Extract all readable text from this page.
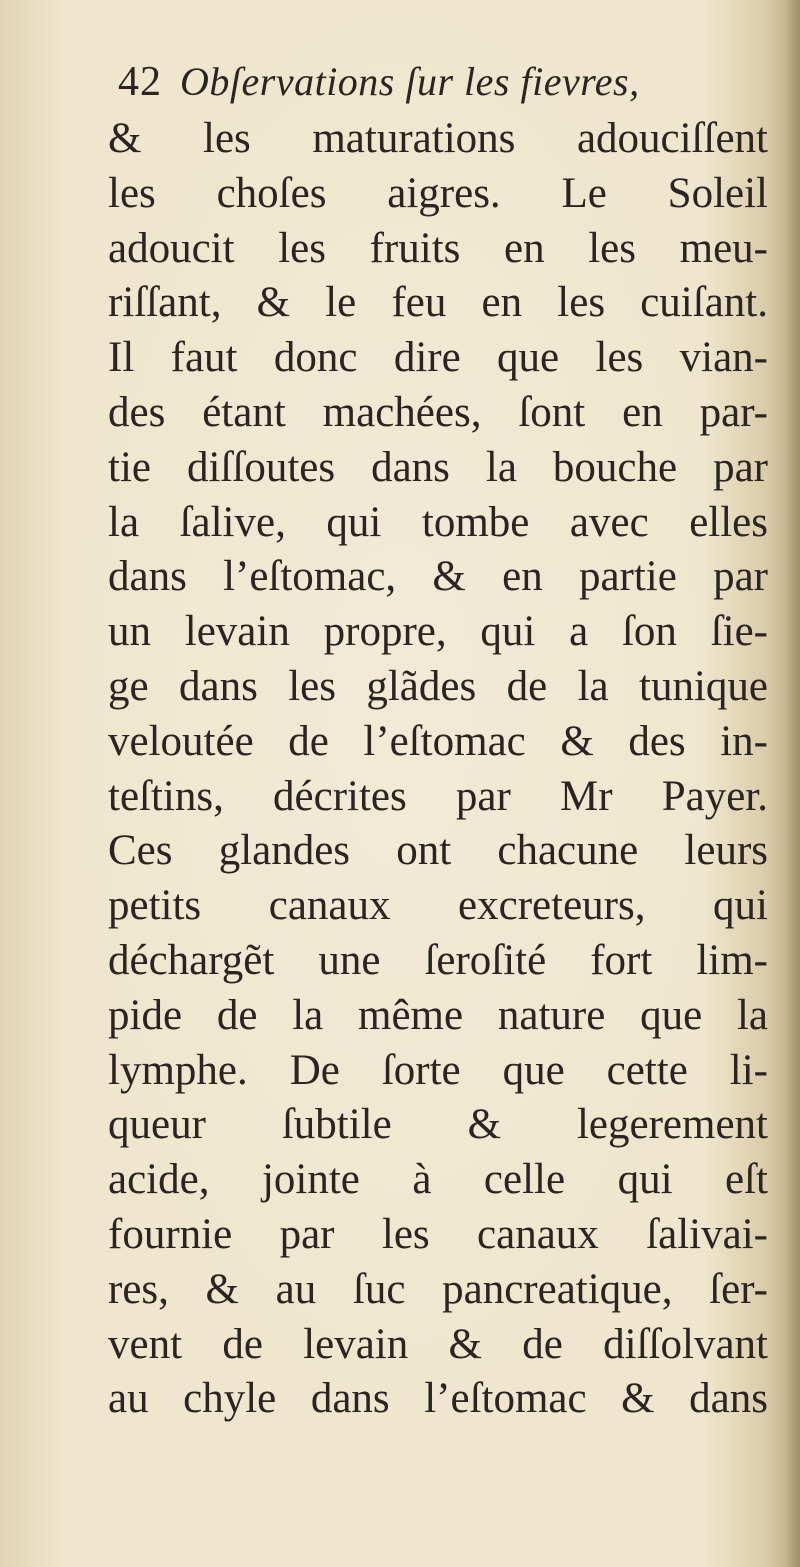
42 Obſervations ſur les fievres,
& les maturations adouciſſent
les choſes aigres. Le Soleil
adoucit les fruits en les meu-
riſſant, & le feu en les cuiſant.
Il faut donc dire que les vian-
des étant machées, ſont en par-
tie diſſoutes dans la bouche par
la ſalive, qui tombe avec elles
dans l’eſtomac, & en partie par
un levain propre, qui a ſon ſie-
ge dans les glãdes de la tunique
veloutée de l’eſtomac & des in-
teſtins, décrites par Mr Payer.
Ces glandes ont chacune leurs
petits canaux excreteurs, qui
déchargẽt une ſeroſité fort lim-
pide de la même nature que la
lymphe. De ſorte que cette li-
queur ſubtile & legerement
acide, jointe à celle qui eſt
fournie par les canaux ſalivai-
res, & au ſuc pancreatique, ſer-
vent de levain & de diſſolvant
au chyle dans l’eſtomac & dans
